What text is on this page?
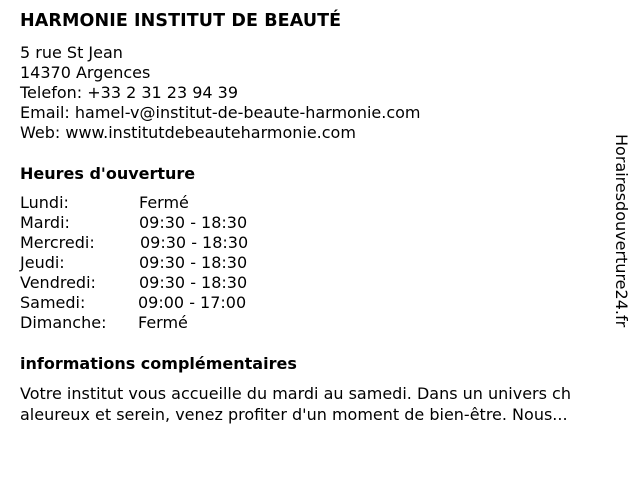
HARMONIE INSTITUT DE BEAUTÉ
5 rue St Jean
14370 Argences
Telefon: +33 2 31 23 94 39
Email: hamel-v@institut-de-beaute-harmonie.com
Web: www.institutdebeauteharmonie.com
Heures d'ouverture
Lundi:	Fermé
Mardi:	09:30 - 18:30
Mercredi:	09:30 - 18:30
Jeudi:	09:30 - 18:30
Vendredi:	09:30 - 18:30
Samedi:	09:00 - 17:00
Dimanche: Fermé
informations complémentaires
Votre institut vous accueille du mardi au samedi. Dans un univers ch
aleureux et serein, venez profiter d'un moment de bien-être. Nous...
Horairesdouverture24.fr
